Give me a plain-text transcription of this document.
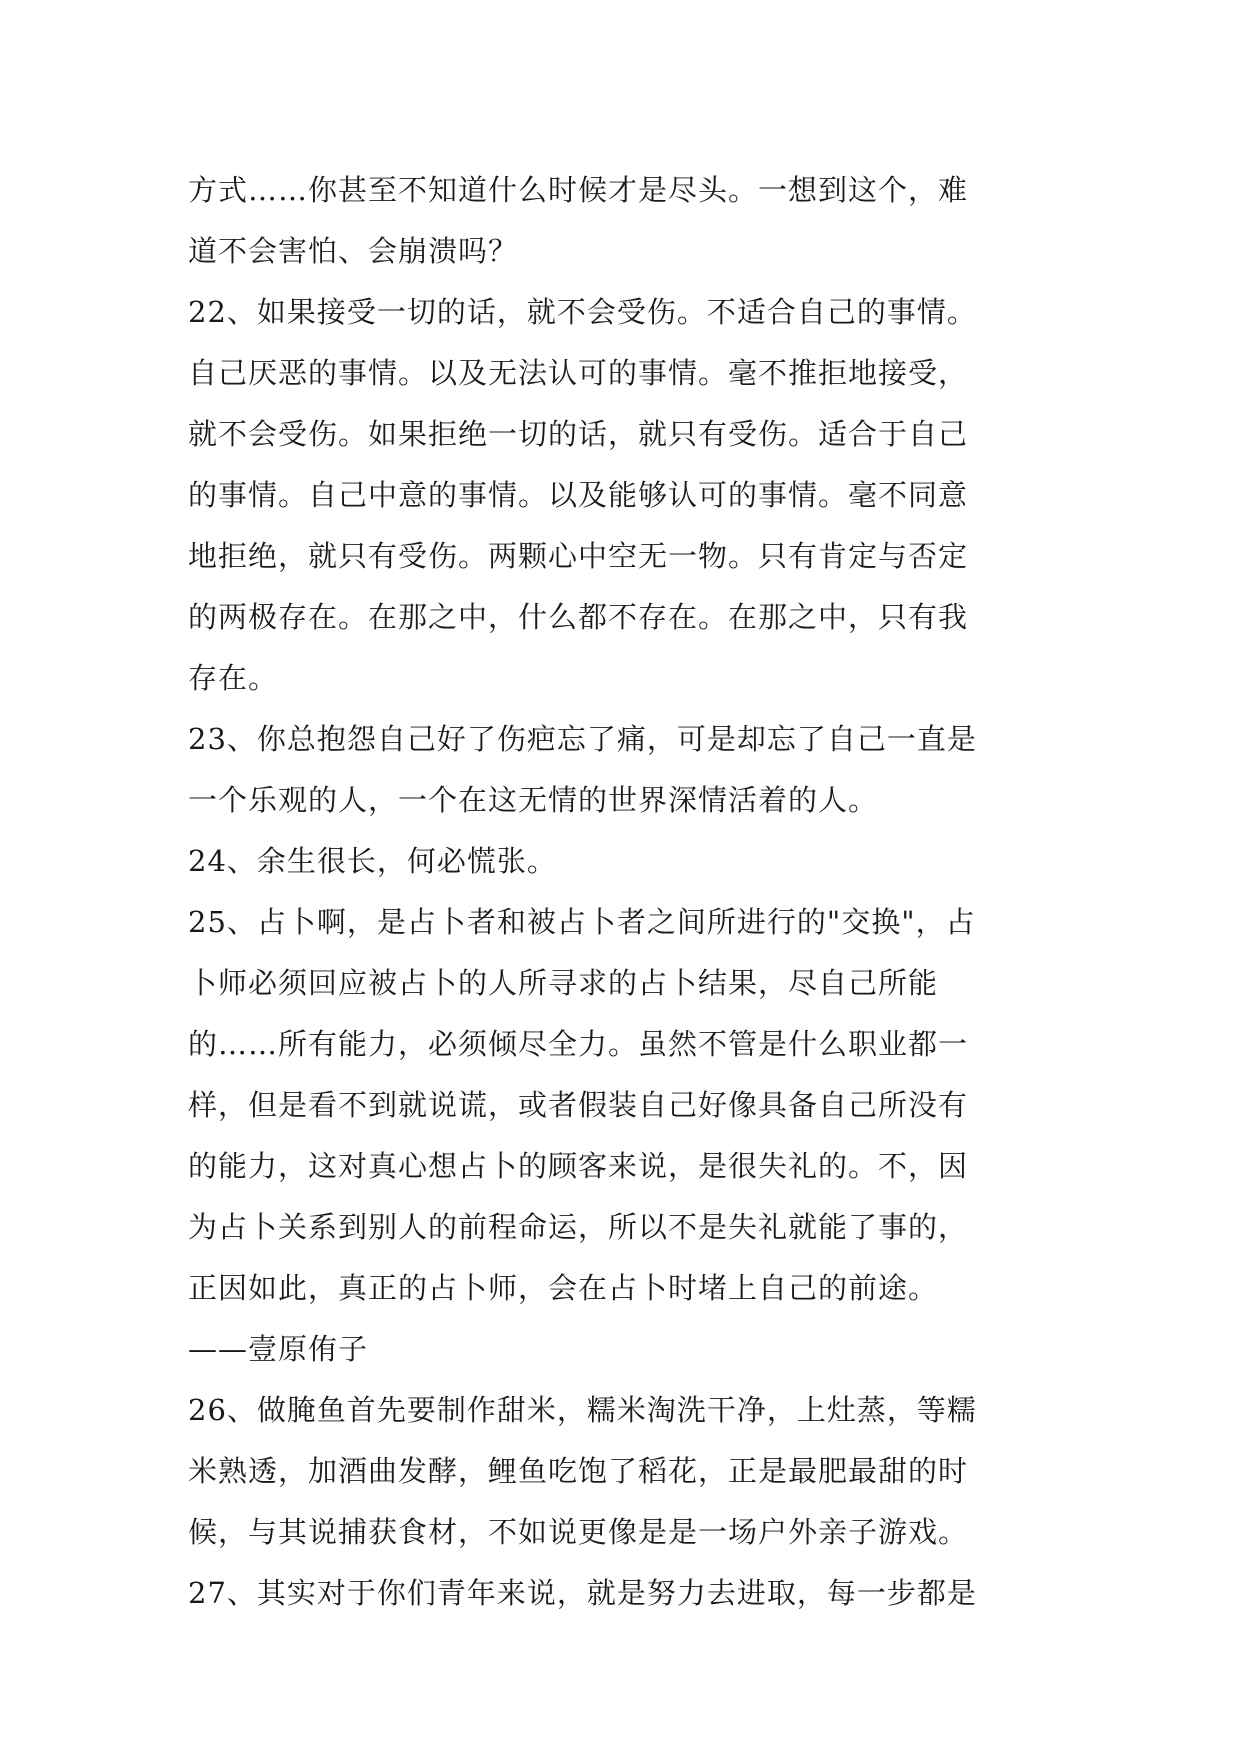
方式……你甚至不知道什么时候才是尽头。一想到这个，难
道不会害怕、会崩溃吗？
22、如果接受一切的话，就不会受伤。不适合自己的事情。
自己厌恶的事情。以及无法认可的事情。毫不推拒地接受，
就不会受伤。如果拒绝一切的话，就只有受伤。适合于自己
的事情。自己中意的事情。以及能够认可的事情。毫不同意
地拒绝，就只有受伤。两颗心中空无一物。只有肯定与否定
的两极存在。在那之中，什么都不存在。在那之中，只有我
存在。
23、你总抱怨自己好了伤疤忘了痛，可是却忘了自己一直是
一个乐观的人，一个在这无情的世界深情活着的人。
24、余生很长，何必慌张。
25、占卜啊，是占卜者和被占卜者之间所进行的"交换"，占
卜师必须回应被占卜的人所寻求的占卜结果，尽自己所能
的……所有能力，必须倾尽全力。虽然不管是什么职业都一
样，但是看不到就说谎，或者假装自己好像具备自己所没有
的能力，这对真心想占卜的顾客来说，是很失礼的。不，因
为占卜关系到别人的前程命运，所以不是失礼就能了事的，
正因如此，真正的占卜师，会在占卜时堵上自己的前途。
——壹原侑子
26、做腌鱼首先要制作甜米，糯米淘洗干净，上灶蒸，等糯
米熟透，加酒曲发酵，鲤鱼吃饱了稻花，正是最肥最甜的时
候，与其说捕获食材，不如说更像是是一场户外亲子游戏。
27、其实对于你们青年来说，就是努力去进取，每一步都是
